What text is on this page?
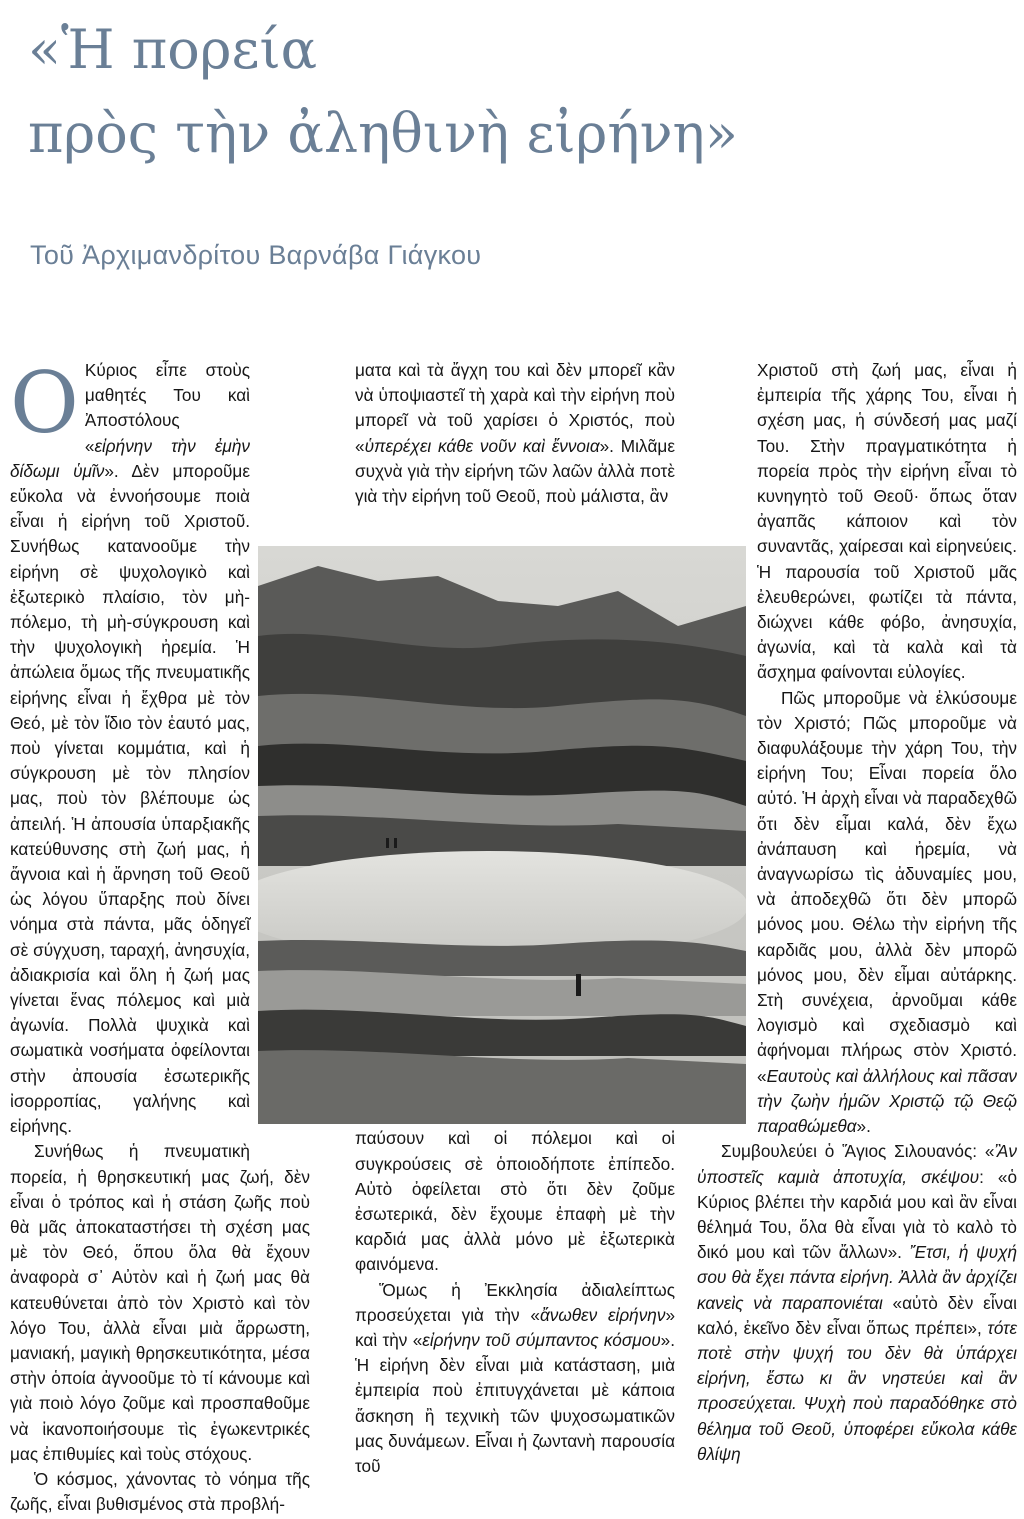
«Ἡ πορεία
πρὸς τὴν ἀληθινὴ εἰρήνη»
Τοῦ Ἀρχιμανδρίτου Βαρνάβα Γιάγκου

Ο Κύριος εἶπε στοὺς μαθητές Του καὶ Ἀποστόλους «εἰρήνην τὴν ἐμὴν δίδωμι ὑμῖν». Δὲν μποροῦμε εὔκολα νὰ ἐννοήσουμε ποιὰ εἶναι ἡ εἰρήνη τοῦ Χριστοῦ. Συνήθως κατανοοῦμε τὴν εἰρήνη σὲ ψυχολογικὸ καὶ ἐξωτερικὸ πλαίσιο, τὸν μὴ-πόλεμο, τὴ μὴ-σύγκρουση καὶ τὴν ψυχολογικὴ ἠρεμία. Ἡ ἀπώλεια ὅμως τῆς πνευματικῆς εἰρήνης εἶναι ἡ ἔχθρα μὲ τὸν Θεό, μὲ τὸν ἴδιο τὸν ἑαυτό μας, ποὺ γίνεται κομμάτια, καὶ ἡ σύγκρουση μὲ τὸν πλησίον μας, ποὺ τὸν βλέπουμε ὡς ἀπειλή. Ἡ ἀπουσία ὑπαρξιακῆς κατεύθυνσης στὴ ζωή μας, ἡ ἄγνοια καὶ ἡ ἄρνηση τοῦ Θεοῦ ὡς λόγου ὕπαρξης ποὺ δίνει νόημα στὰ πάντα, μᾶς ὁδηγεῖ σὲ σύγχυση, ταραχή, ἀνησυχία, ἀδιακρισία καὶ ὅλη ἡ ζωή μας γίνεται ἕνας πόλεμος καὶ μιὰ ἀγωνία. Πολλὰ ψυχικὰ καὶ σωματικὰ νοσήματα ὀφείλονται στὴν ἀπουσία ἐσωτερικῆς ἰσορροπίας, γαλήνης καὶ εἰρήνης.

Συνήθως ἡ πνευματικὴ πορεία, ἡ θρησκευτική μας ζωή, δὲν εἶναι ὁ τρόπος καὶ ἡ στάση ζωῆς ποὺ θὰ μᾶς ἀποκαταστήσει τὴ σχέση μας μὲ τὸν Θεό, ὅπου ὅλα θὰ ἔχουν ἀναφορὰ σ᾽ Αὐτὸν καὶ ἡ ζωή μας θὰ κατευθύνεται ἀπὸ τὸν Χριστὸ καὶ τὸν λόγο Του, ἀλλὰ εἶναι μιὰ ἄρρωστη, μανιακή, μαγικὴ θρησκευτικότητα, μέσα στὴν ὁποία ἀγνοοῦμε τὸ τί κάνουμε καὶ γιὰ ποιὸ λόγο ζοῦμε καὶ προσπαθοῦμε νὰ ἱκανοποιήσουμε τὶς ἐγωκεντρικές μας ἐπιθυμίες καὶ τοὺς στόχους.

Ὁ κόσμος, χάνοντας τὸ νόημα τῆς ζωῆς, εἶναι βυθισμένος στὰ προβλή-

ματα καὶ τὰ ἄγχη του καὶ δὲν μπορεῖ κἂν νὰ ὑποψιαστεῖ τὴ χαρὰ καὶ τὴν εἰρήνη ποὺ μπορεῖ νὰ τοῦ χαρίσει ὁ Χριστός, ποὺ «ὑπερέχει κάθε νοῦν καὶ ἔννοια». Μιλᾶμε συχνὰ γιὰ τὴν εἰρήνη τῶν λαῶν ἀλλὰ ποτὲ γιὰ τὴν εἰρήνη τοῦ Θεοῦ, ποὺ μάλιστα, ἂν

παύσουν καὶ οἱ πόλεμοι καὶ οἱ συγκρούσεις σὲ ὁποιοδήποτε ἐπίπεδο. Αὐτὸ ὀφείλεται στὸ ὅτι δὲν ζοῦμε ἐσωτερικά, δὲν ἔχουμε ἐπαφὴ μὲ τὴν καρδιά μας ἀλλὰ μόνο μὲ ἐξωτερικὰ φαινόμενα.

Ὅμως ἡ Ἐκκλησία ἀδιαλείπτως προσεύχεται γιὰ τὴν «ἄνωθεν εἰρήνην» καὶ τὴν «εἰρήνην τοῦ σύμπαντος κόσμου». Ἡ εἰρήνη δὲν εἶναι μιὰ κατάσταση, μιὰ ἐμπειρία ποὺ ἐπιτυγχάνεται μὲ κάποια ἄσκηση ἢ τεχνικὴ τῶν ψυχοσωματικῶν μας δυνάμεων. Εἶναι ἡ ζωντανὴ παρουσία τοῦ

Χριστοῦ στὴ ζωή μας, εἶναι ἡ ἐμπειρία τῆς χάρης Του, εἶναι ἡ σχέση μας, ἡ σύνδεσή μας μαζί Του. Στὴν πραγματικότητα ἡ πορεία πρὸς τὴν εἰρήνη εἶναι τὸ κυνηγητὸ τοῦ Θεοῦ· ὅπως ὅταν ἀγαπᾶς κάποιον καὶ τὸν συναντᾶς, χαίρεσαι καὶ εἰρηνεύεις. Ἡ παρουσία τοῦ Χριστοῦ μᾶς ἐλευθερώνει, φωτίζει τὰ πάντα, διώχνει κάθε φόβο, ἀνησυχία, ἀγωνία, καὶ τὰ καλὰ καὶ τὰ ἄσχημα φαίνονται εὐλογίες.

Πῶς μποροῦμε νὰ ἑλκύσουμε τὸν Χριστό; Πῶς μποροῦμε νὰ διαφυλάξουμε τὴν χάρη Του, τὴν εἰρήνη Του; Εἶναι πορεία ὅλο αὐτό. Ἡ ἀρχὴ εἶναι νὰ παραδεχθῶ ὅτι δὲν εἶμαι καλά, δὲν ἔχω ἀνάπαυση καὶ ἠρεμία, νὰ ἀναγνωρίσω τὶς ἀδυναμίες μου, νὰ ἀποδεχθῶ ὅτι δὲν μπορῶ μόνος μου. Θέλω τὴν εἰρήνη τῆς καρδιᾶς μου, ἀλλὰ δὲν μπορῶ μόνος μου, δὲν εἶμαι αὐτάρκης. Στὴ συνέχεια, ἀρνοῦμαι κάθε λογισμὸ καὶ σχεδιασμὸ καὶ ἀφήνομαι πλήρως στὸν Χριστό. «Εαυτοὺς καὶ ἀλλήλους καὶ πᾶσαν τὴν ζωὴν ἡμῶν Χριστῷ τῷ Θεῷ παραθώμεθα».

Συμβουλεύει ὁ Ἅγιος Σιλουανός: «Ἂν ὑποστεῖς καμιὰ ἀποτυχία, σκέψου: «ὁ Κύριος βλέπει τὴν καρδιά μου καὶ ἂν εἶναι θέλημά Του, ὅλα θὰ εἶναι γιὰ τὸ καλὸ τὸ δικό μου καὶ τῶν ἄλλων». Ἔτσι, ἡ ψυχή σου θὰ ἔχει πάντα εἰρήνη. Ἀλλὰ ἂν ἀρχίζει κανεὶς νὰ παραπονιέται «αὐτὸ δὲν εἶναι καλό, ἐκεῖνο δὲν εἶναι ὅπως πρέπει», τότε ποτὲ στὴν ψυχή του δὲν θὰ ὑπάρχει εἰρήνη, ἔστω κι ἂν νηστεύει καὶ ἂν προσεύχεται. Ψυχὴ ποὺ παραδόθηκε στὸ θέλημα τοῦ Θεοῦ, ὑποφέρει εὔκολα κάθε θλίψη
